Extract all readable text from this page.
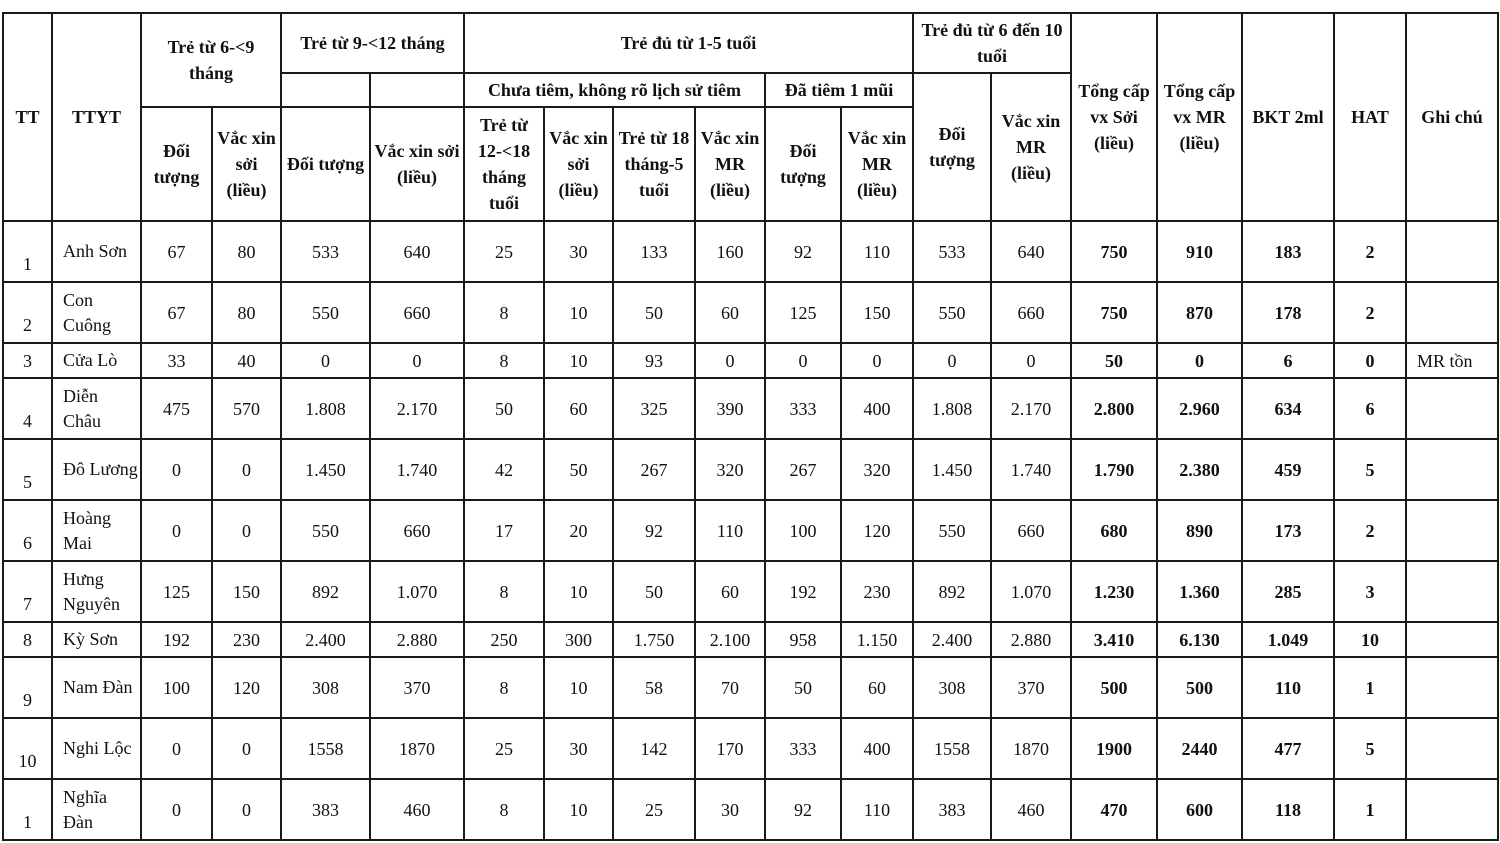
TT	TTYT	Trẻ từ 6-<9 tháng		Trẻ từ 9-<12 tháng		Trẻ đủ từ 1-5 tuổi						Trẻ đủ từ 6 đến 10 tuổi		Tổng cấp vx Sởi (liều)	Tổng cấp vx MR (liều)	BKT 2ml	HAT	Ghi chú
						Chưa tiêm, không rõ lịch sử tiêm				Đã tiêm 1 mũi		Đối tượng	Vắc xin MR (liều)					
		Đối tượng	Vắc xin sởi (liều)	Đối tượng	Vắc xin sởi (liều)	Trẻ từ 12-<18 tháng tuổi	Vắc xin sởi (liều)	Trẻ từ 18 tháng-5 tuổi	Vắc xin MR (liều)	Đối tượng	Vắc xin MR (liều)							
1	Anh Sơn	67	80	533	640	25	30	133	160	92	110	533	640	750	910	183	2	
2	Con Cuông	67	80	550	660	8	10	50	60	125	150	550	660	750	870	178	2	
3	Cửa Lò	33	40	0	0	8	10	93	0	0	0	0	0	50	0	6	0	MR tồn
4	Diễn Châu	475	570	1.808	2.170	50	60	325	390	333	400	1.808	2.170	2.800	2.960	634	6	
5	Đô Lương	0	0	1.450	1.740	42	50	267	320	267	320	1.450	1.740	1.790	2.380	459	5	
6	Hoàng Mai	0	0	550	660	17	20	92	110	100	120	550	660	680	890	173	2	
7	Hưng Nguyên	125	150	892	1.070	8	10	50	60	192	230	892	1.070	1.230	1.360	285	3	
8	Kỳ Sơn	192	230	2.400	2.880	250	300	1.750	2.100	958	1.150	2.400	2.880	3.410	6.130	1.049	10	
9	Nam Đàn	100	120	308	370	8	10	58	70	50	60	308	370	500	500	110	1	
10	Nghi Lộc	0	0	1558	1870	25	30	142	170	333	400	1558	1870	1900	2440	477	5	
1	Nghĩa Đàn	0	0	383	460	8	10	25	30	92	110	383	460	470	600	118	1	
